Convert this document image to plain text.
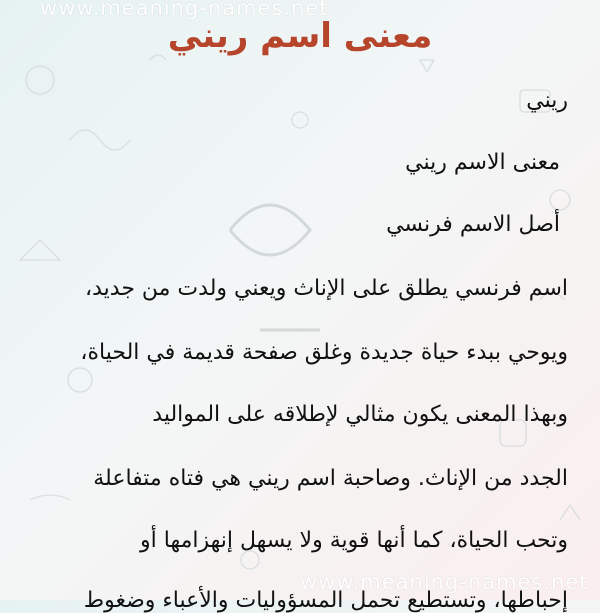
www.meaning-names.net
www.meaning-names.net
معنى اسم ريني
ريني
معنى الاسم ريني
أصل الاسم فرنسي
اسم فرنسي يطلق على الإناث ويعني ولدت من جديد،
ويوحي ببدء حياة جديدة وغلق صفحة قديمة في الحياة،
وبهذا المعنى يكون مثالي لإطلاقه على المواليد
الجدد من الإناث. وصاحبة اسم ريني هي فتاه متفاعلة
وتحب الحياة، كما أنها قوية ولا يسهل إنهزامها أو
إحباطها، وتستطيع تحمل المسؤوليات والأعباء وضغوط
